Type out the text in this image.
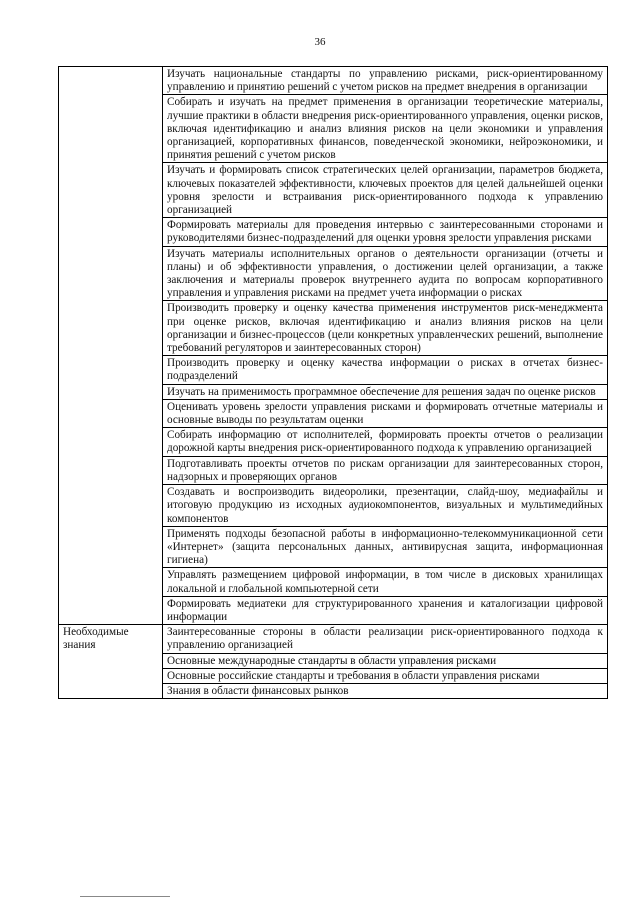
36
	Изучать национальные стандарты по управлению рисками, риск-ориентированному управлению и принятию решений с учетом рисков на предмет внедрения в организации
	Собирать и изучать на предмет применения в организации теоретические материалы, лучшие практики в области внедрения риск-ориентированного управления, оценки рисков, включая идентификацию и анализ влияния рисков на цели экономики и управления организацией, корпоративных финансов, поведенческой экономики, нейроэкономики, и принятия решений с учетом рисков
	Изучать и формировать список стратегических целей организации, параметров бюджета, ключевых показателей эффективности, ключевых проектов для целей дальнейшей оценки уровня зрелости и встраивания риск-ориентированного подхода к управлению организацией
	Формировать материалы для проведения интервью с заинтересованными сторонами и руководителями бизнес-подразделений для оценки уровня зрелости управления рисками
	Изучать материалы исполнительных органов о деятельности организации (отчеты и планы) и об эффективности управления, о достижении целей организации, а также заключения и материалы проверок внутреннего аудита по вопросам корпоративного управления и управления рисками на предмет учета информации о рисках
	Производить проверку и оценку качества применения инструментов риск-менеджмента при оценке рисков, включая идентификацию и анализ влияния рисков на цели организации и бизнес-процессов (цели конкретных управленческих решений, выполнение требований регуляторов и заинтересованных сторон)
	Производить проверку и оценку качества информации о рисках в отчетах бизнес-подразделений
	Изучать на применимость программное обеспечение для решения задач по оценке рисков
	Оценивать уровень зрелости управления рисками и формировать отчетные материалы и основные выводы по результатам оценки
	Собирать информацию от исполнителей, формировать проекты отчетов о реализации дорожной карты внедрения риск-ориентированного подхода к управлению организацией
	Подготавливать проекты отчетов по рискам организации для заинтересованных сторон, надзорных и проверяющих органов
	Создавать и воспроизводить видеоролики, презентации, слайд-шоу, медиафайлы и итоговую продукцию из исходных аудиокомпонентов, визуальных и мультимедийных компонентов
	Применять подходы безопасной работы в информационно-телекоммуникационной сети «Интернет» (защита персональных данных, антивирусная защита, информационная гигиена)
	Управлять размещением цифровой информации, в том числе в дисковых хранилищах локальной и глобальной компьютерной сети
	Формировать медиатеки для структурированного хранения и каталогизации цифровой информации
Необходимые знания	Заинтересованные стороны в области реализации риск-ориентированного подхода к управлению организацией
	Основные международные стандарты в области управления рисками
	Основные российские стандарты и требования в области управления рисками
	Знания в области финансовых рынков
